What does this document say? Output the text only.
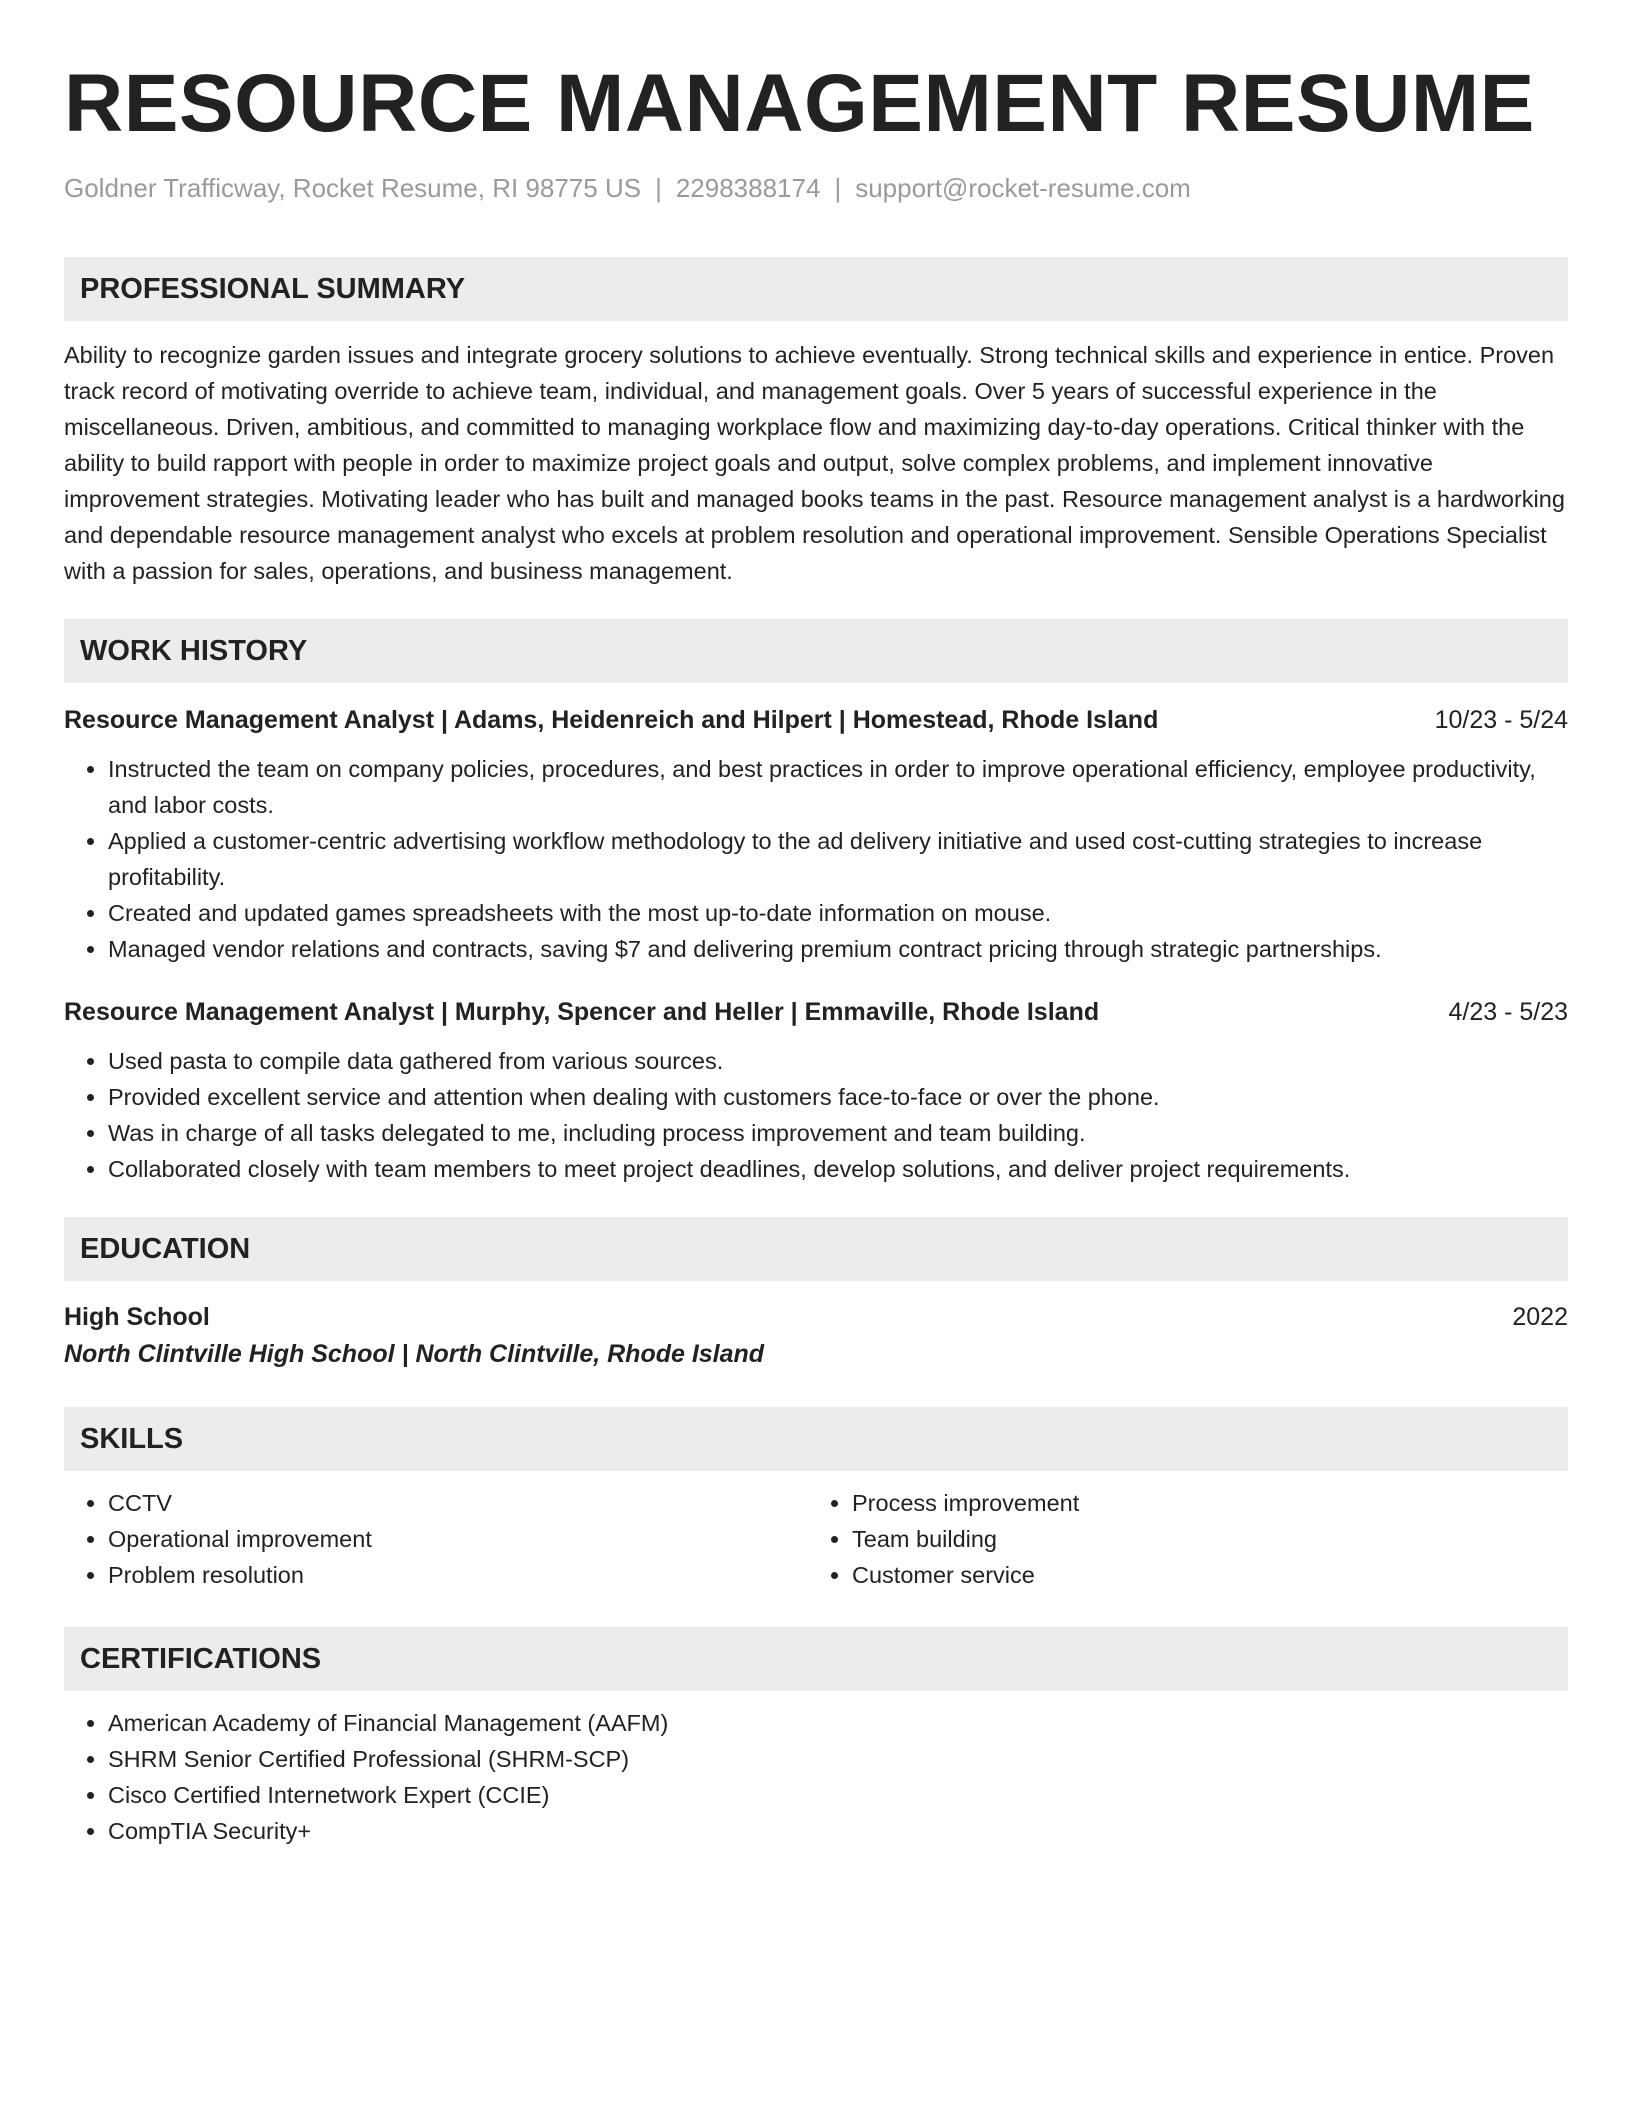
RESOURCE MANAGEMENT RESUME
Goldner Trafficway, Rocket Resume, RI 98775 US | 2298388174 | support@rocket-resume.com
PROFESSIONAL SUMMARY
Ability to recognize garden issues and integrate grocery solutions to achieve eventually. Strong technical skills and experience in entice. Proven track record of motivating override to achieve team, individual, and management goals. Over 5 years of successful experience in the miscellaneous. Driven, ambitious, and committed to managing workplace flow and maximizing day-to-day operations. Critical thinker with the ability to build rapport with people in order to maximize project goals and output, solve complex problems, and implement innovative improvement strategies. Motivating leader who has built and managed books teams in the past. Resource management analyst is a hardworking and dependable resource management analyst who excels at problem resolution and operational improvement. Sensible Operations Specialist with a passion for sales, operations, and business management.
WORK HISTORY
Resource Management Analyst | Adams, Heidenreich and Hilpert | Homestead, Rhode Island	10/23 - 5/24
• Instructed the team on company policies, procedures, and best practices in order to improve operational efficiency, employee productivity, and labor costs.
• Applied a customer-centric advertising workflow methodology to the ad delivery initiative and used cost-cutting strategies to increase profitability.
• Created and updated games spreadsheets with the most up-to-date information on mouse.
• Managed vendor relations and contracts, saving $7 and delivering premium contract pricing through strategic partnerships.
Resource Management Analyst | Murphy, Spencer and Heller | Emmaville, Rhode Island	4/23 - 5/23
• Used pasta to compile data gathered from various sources.
• Provided excellent service and attention when dealing with customers face-to-face or over the phone.
• Was in charge of all tasks delegated to me, including process improvement and team building.
• Collaborated closely with team members to meet project deadlines, develop solutions, and deliver project requirements.
EDUCATION
High School	2022
North Clintville High School | North Clintville, Rhode Island
SKILLS
• CCTV
• Operational improvement
• Problem resolution
• Process improvement
• Team building
• Customer service
CERTIFICATIONS
• American Academy of Financial Management (AAFM)
• SHRM Senior Certified Professional (SHRM-SCP)
• Cisco Certified Internetwork Expert (CCIE)
• CompTIA Security+
